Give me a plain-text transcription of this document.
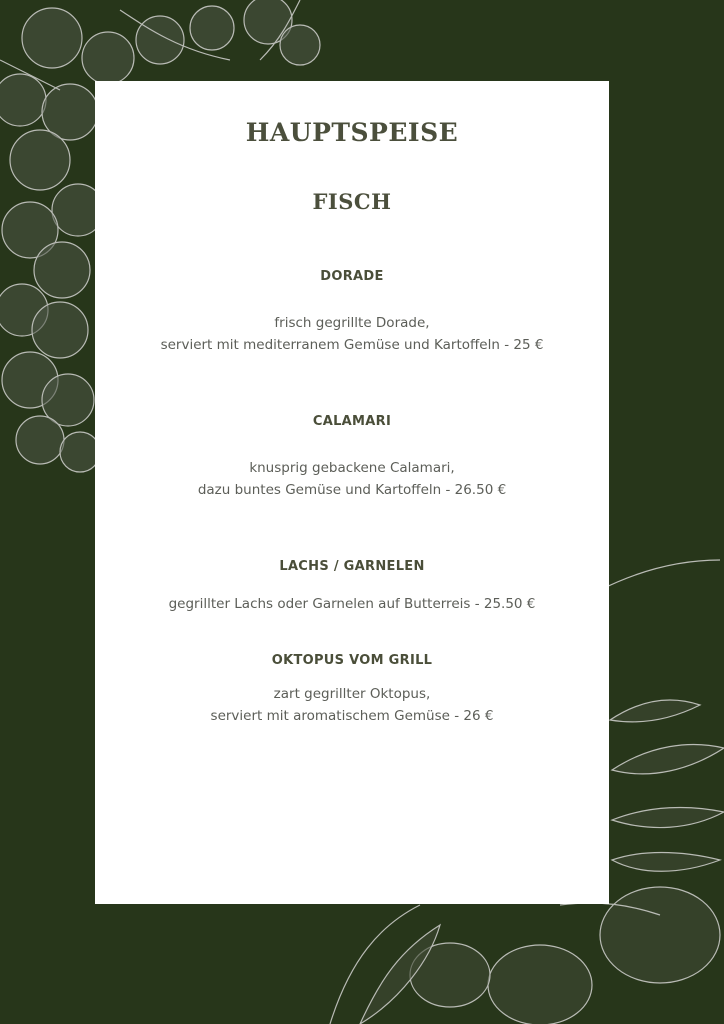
HAUPTSPEISE
FISCH
DORADE
frisch gegrillte Dorade,
serviert mit mediterranem Gemüse und Kartoffeln - 25 €
CALAMARI
knusprig gebackene Calamari,
dazu buntes Gemüse und Kartoffeln - 26.50 €
LACHS / GARNELEN
gegrillter Lachs oder Garnelen auf Butterreis - 25.50 €
OKTOPUS VOM GRILL
zart gegrillter Oktopus,
serviert mit aromatischem Gemüse - 26 €
